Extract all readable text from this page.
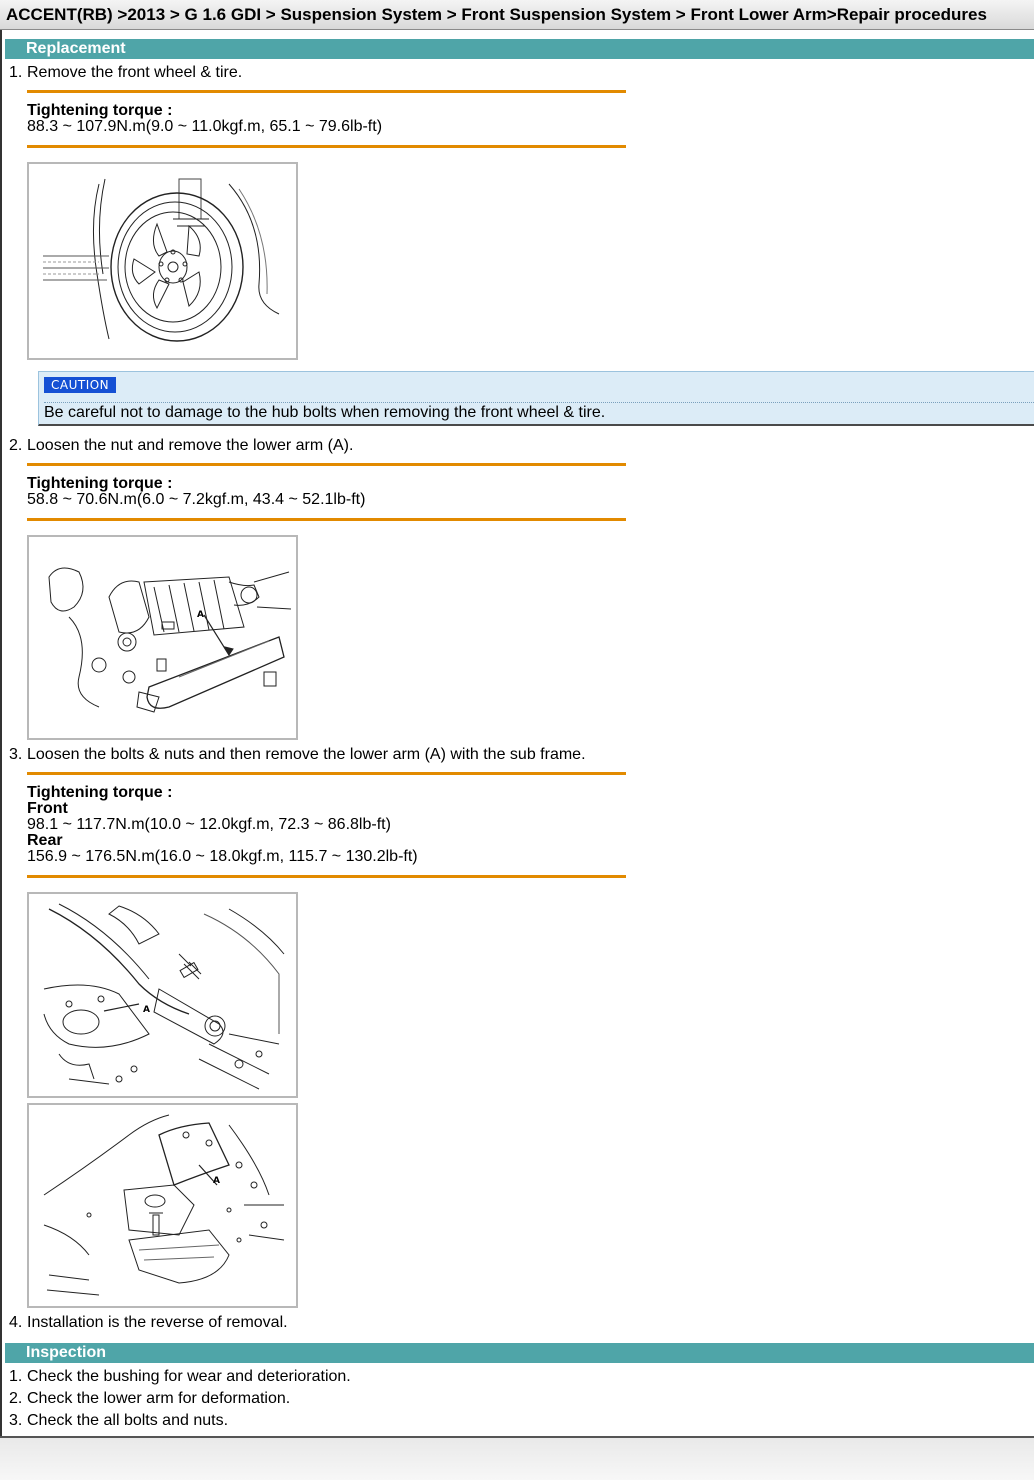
ACCENT(RB) >2013 > G 1.6 GDI > Suspension System > Front Suspension System > Front Lower Arm>Repair procedures
Replacement
1. Remove the front wheel & tire.
Tightening torque :
88.3 ~ 107.9N.m(9.0 ~ 11.0kgf.m, 65.1 ~ 79.6lb-ft)
CAUTION
Be careful not to damage to the hub bolts when removing the front wheel & tire.
2. Loosen the nut and remove the lower arm (A).
Tightening torque :
58.8 ~ 70.6N.m(6.0 ~ 7.2kgf.m, 43.4 ~ 52.1lb-ft)
A
3. Loosen the bolts & nuts and then remove the lower arm (A) with the sub frame.
Tightening torque :
Front
98.1 ~ 117.7N.m(10.0 ~ 12.0kgf.m, 72.3 ~ 86.8lb-ft)
Rear
156.9 ~ 176.5N.m(16.0 ~ 18.0kgf.m, 115.7 ~ 130.2lb-ft)
A
A
4. Installation is the reverse of removal.
Inspection
1. Check the bushing for wear and deterioration.
2. Check the lower arm for deformation.
3. Check the all bolts and nuts.
